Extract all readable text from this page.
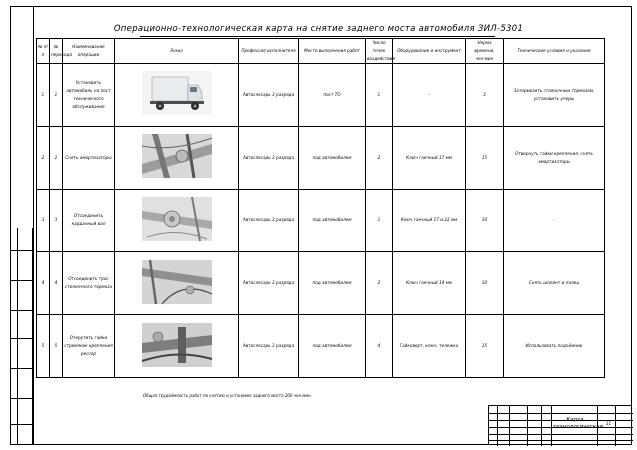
Операционно-технологическая карта на снятие заднего моста автомобиля ЗИЛ-5301
№ п/п	№ перехода	Наименование операции	Эскиз	Профессия исполнителя	Место выполнения работ	Число точек воздействия	Оборудование и инструмент	Норма времени, чел·мин	Технические условия и указания
1	1	Установить автомобиль на пост технического обслуживания		Автослесарь 3 разряда	пост ТО	1	–	3	Затормозить стояночным тормозом, установить упоры
2	2	Снять амортизаторы		Автослесарь 3 разряда	под автомобилем	2	Ключ гаечный 17 мм	15	Отвернуть гайки крепления, снять амортизаторы
3	3	Отсоединить карданный вал		Автослесарь 3 разряда	под автомобилем	1	Ключ гаечный 17 и 22 мм	10	–
4	4	Отсоединить трос стояночного тормоза		Автослесарь 3 разряда	под автомобилем	2	Ключ гаечный 14 мм	10	Снять шплинт и палец
5	5	Открутить гайки стремянок крепления рессор		Автослесарь 3 разряда	под автомобилем	4	Гайковерт, ключ, тележка	15	Использовать подъёмник
Общая трудоёмкость работ по снятию и установке заднего моста 200 чел.мин.
Карта технологическая
11
